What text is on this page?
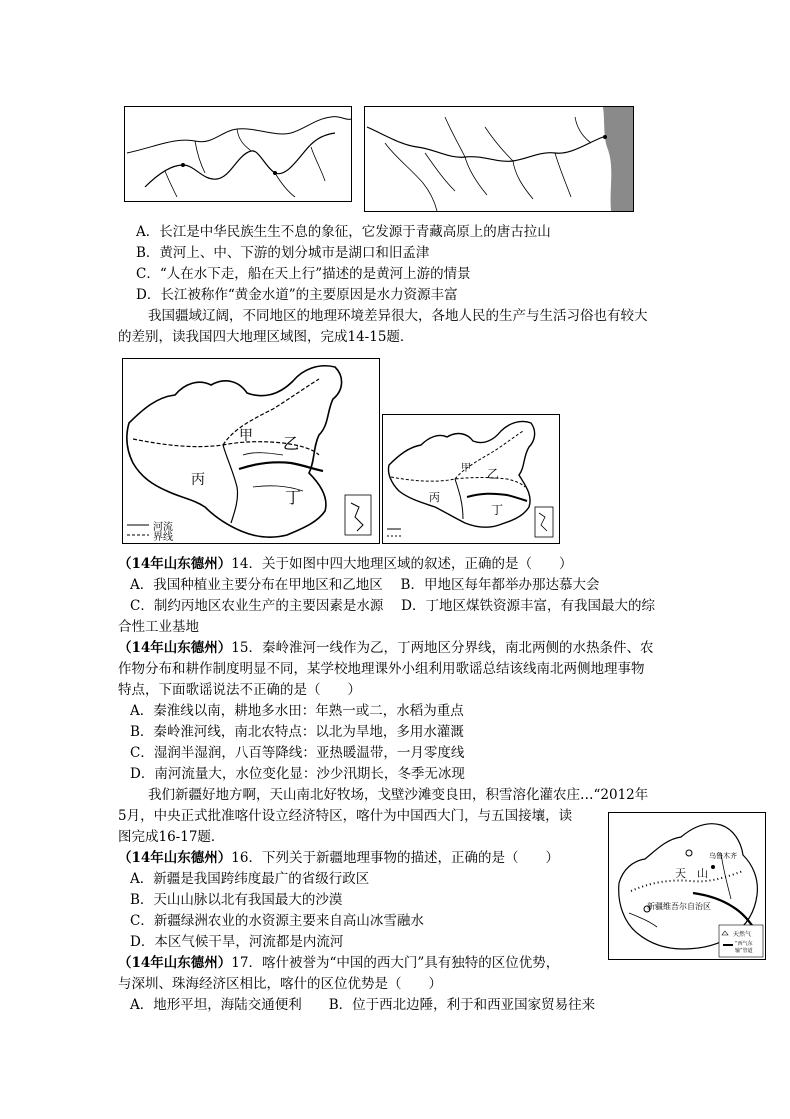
A．长江是中华民族生生不息的象征，它发源于青藏高原上的唐古拉山
B．黄河上、中、下游的划分城市是湖口和旧孟津
C．“人在水下走，船在天上行”描述的是黄河上游的情景
D．长江被称作“黄金水道”的主要原因是水力资源丰富
我国疆域辽阔，不同地区的地理环境差异很大，各地人民的生产与生活习俗也有较大
的差别，读我国四大地理区域图，完成14-15题．
甲 乙
丙
丁
河流
界线
甲 乙
丙
丁
（14年山东德州）14．关于如图中四大地理区域的叙述，正确的是（　　）
A．我国种植业主要分布在甲地区和乙地区　 B．甲地区每年都举办那达慕大会
C．制约丙地区农业生产的主要因素是水源　 D．丁地区煤铁资源丰富，有我国最大的综
合性工业基地
（14年山东德州）15．秦岭淮河一线作为乙，丁两地区分界线，南北两侧的水热条件、农
作物分布和耕作制度明显不同，某学校地理课外小组利用歌谣总结该线南北两侧地理事物
特点，下面歌谣说法不正确的是（　　）
A．秦淮线以南，耕地多水田：年熟一或二，水稻为重点
B．秦岭淮河线，南北农特点：以北为旱地，多用水灌溉
C．湿润半湿润，八百等降线：亚热暖温带，一月零度线
D．南河流量大，水位变化显：沙少汛期长，冬季无冰现
我们新疆好地方啊，天山南北好牧场，戈壁沙滩变良田，积雪溶化灌农庄…“2012年
5月，中央正式批准喀什设立经济特区，喀什为中国西大门，与五国接壤，读
图完成16-17题．
天　山
乌鲁木齐
新疆维吾尔自治区
天然气
“西气东输”管道
（14年山东德州）16．下列关于新疆地理事物的描述，正确的是（　　）
A．新疆是我国跨纬度最广的省级行政区
B．天山山脉以北有我国最大的沙漠
C．新疆绿洲农业的水资源主要来自高山冰雪融水
D．本区气候干旱，河流都是内流河
（14年山东德州）17．喀什被誉为“中国的西大门”具有独特的区位优势，
与深圳、珠海经济区相比，喀什的区位优势是（　　）
A．地形平坦，海陆交通便利　　B．位于西北边陲，利于和西亚国家贸易往来
